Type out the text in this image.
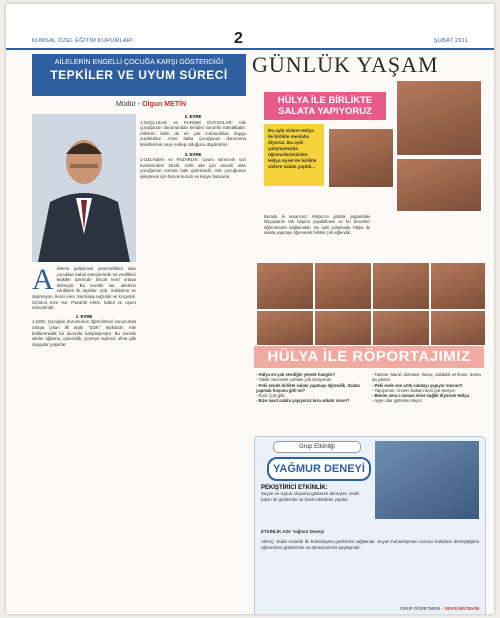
KUMSAL ÖZEL EĞİTİM KURUMLARI	2	ŞUBAT 2011
AİLELERİN ENGELLİ ÇOCUĞA KARŞI GÖSTERDİĞİ
TEPKİLER VE UYUM SÜRECİ
Müdür - Olgun METİN
A ilelerin gelişimsel yetersizlikleri olan çocukları kabul süreçlerinde ve verdikleri tepkiler üzerinde birçok teori ortaya atılmıştır. Bu teoriler ise, ailelerin verdikleri ilk tepkiler: Şok, reddetme ve depresyon. İkinci evre: karmaşa,suçluluk ve kızgınlık. Üçüncü evre ise; Pazarlık etme, kabul ve uyum süreçleridir.
1. EVRE
1-ŞOK: Çocuğun durumunun öğrenilmesi sonucunda ortaya çıkan ilk tepki ''ŞOK'' tepkisidir. Aile beklenmedik bir durumla karşılaşmıştır. Bu evrede aileler ağlama, çaresizlik, çevreye tepkisiz olma gibi duygular yaşarlar.
2. EVRE
1-SUÇLULUK ve KARIŞIK DUYGULAR: Aile çocuğunun durumundan kendini sorumlu tutmaktadır. Ailelerin belki de en çok zorlandıkları duygu suçluluktur. Anne baba çocuğunun durumuna kendilerinin neye sebep olduğunu düşünürler.
3. EVRE
1-UZLAŞMA ve PAZARLIK: Uyum sürecinin son evrelerinden biridir. Artık aile için önemli olan çocuğunun normal hale gelmesidir. Aile çocuğunun iyileşmesi için birçok kurum ve kişiye başvurur.
GÜNLÜK YAŞAM
HÜLYA İLE BİRLİKTE SALATA YAPIYORUZ
Bu ayki sizlere Hülya ile birlikte mevlaha diyoruz. Bu ayki çalışmamızda öğrencilerimizden Hülya Aysel ile birlikte sizlere salata yaptık...
Burada ki amacımız Hülya'nın günlük yaşamdaki ihtiyaçlarını tek başına yapabilmesi ve bu beceriler öğrenmesini sağlamaktır. Bu ayki çalışmada Hülya ile salata yapmayı öğrenerek birlikte çok eğlendik.
HÜLYA İLE RÖPORTAJIMIZ
- Hülya en çok sevdiğin yemek hangisi?
- Tabiki mercimek çorbası çok seviyorum.
- Peki sende birlikte salata yapmayı öğrendik. Salata yapmak hoşuna gitti mi?
- Evet. Çok gitti.
- Bize nasıl salata yapıyoruz kısa anlatır mısın?
- Tamam. Marul, domates, havuç, salatalık ve limon. Sonra da yıkarız.
- Peki evde sen artık salatayı yapıyor musun?
- Yapıyorum. Annem babam beni çok seviyor.
- Benim ama o zaman eline sağlık diyorum Hülya.
- Ayşe Ular gülümse oluyor.
Grup Etkinliği
YAĞMUR DENEYİ
PEKİŞTİRİCİ ETKİNLİK:
Suyun ve suyun oluşumu gösteren deneyler, renkli balon ile gözlemler ve basit etkinlikler yapıldı.
ETKİNLİK ADI: Yağmur Deneyi
AMAÇ: Suda sıcaklık ile buharlaşma gözlemini sağlamak. Suyun buharlaşması sonucu bulutlara dönüştüğünü öğrencilere göstermek ve deneyimlerini paylaşmak.
GRUP ÖĞRETMENİ - SEVGİ BİLTEKİN
